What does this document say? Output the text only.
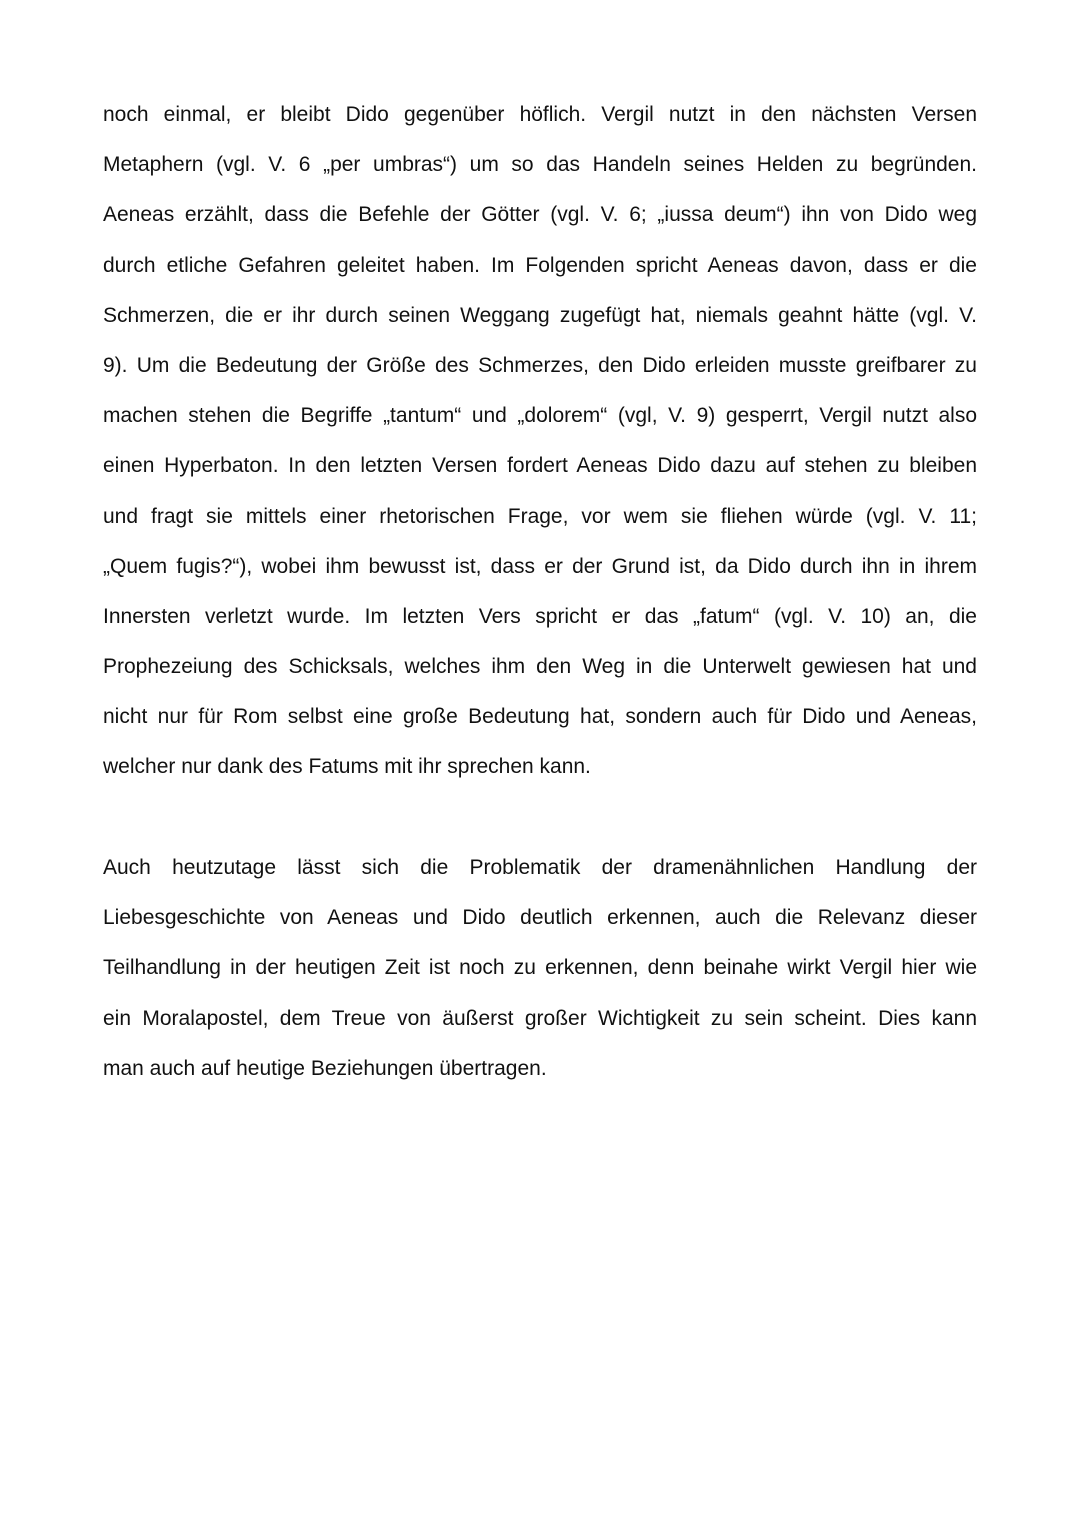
noch einmal, er bleibt Dido gegenüber höflich. Vergil nutzt in den nächsten Versen
Metaphern (vgl. V. 6 „per umbras“) um so das Handeln seines Helden zu begründen.
Aeneas erzählt, dass die Befehle der Götter (vgl. V. 6; „iussa deum“) ihn von Dido weg
durch etliche Gefahren geleitet haben. Im Folgenden spricht Aeneas davon, dass er die
Schmerzen, die er ihr durch seinen Weggang zugefügt hat, niemals geahnt hätte (vgl. V.
9). Um die Bedeutung der Größe des Schmerzes, den Dido erleiden musste greifbarer zu
machen stehen die Begriffe „tantum“ und „dolorem“ (vgl, V. 9) gesperrt, Vergil nutzt also
einen Hyperbaton. In den letzten Versen fordert Aeneas Dido dazu auf stehen zu bleiben
und fragt sie mittels einer rhetorischen Frage, vor wem sie fliehen würde (vgl. V. 11;
„Quem fugis?“), wobei ihm bewusst ist, dass er der Grund ist, da Dido durch ihn in ihrem
Innersten verletzt wurde. Im letzten Vers spricht er das „fatum“ (vgl. V. 10) an, die
Prophezeiung des Schicksals, welches ihm den Weg in die Unterwelt gewiesen hat und
nicht nur für Rom selbst eine große Bedeutung hat, sondern auch für Dido und Aeneas,
welcher nur dank des Fatums mit ihr sprechen kann.
Auch heutzutage lässt sich die Problematik der dramenähnlichen Handlung der
Liebesgeschichte von Aeneas und Dido deutlich erkennen, auch die Relevanz dieser
Teilhandlung in der heutigen Zeit ist noch zu erkennen, denn beinahe wirkt Vergil hier wie
ein Moralapostel, dem Treue von äußerst großer Wichtigkeit zu sein scheint. Dies kann
man auch auf heutige Beziehungen übertragen.
